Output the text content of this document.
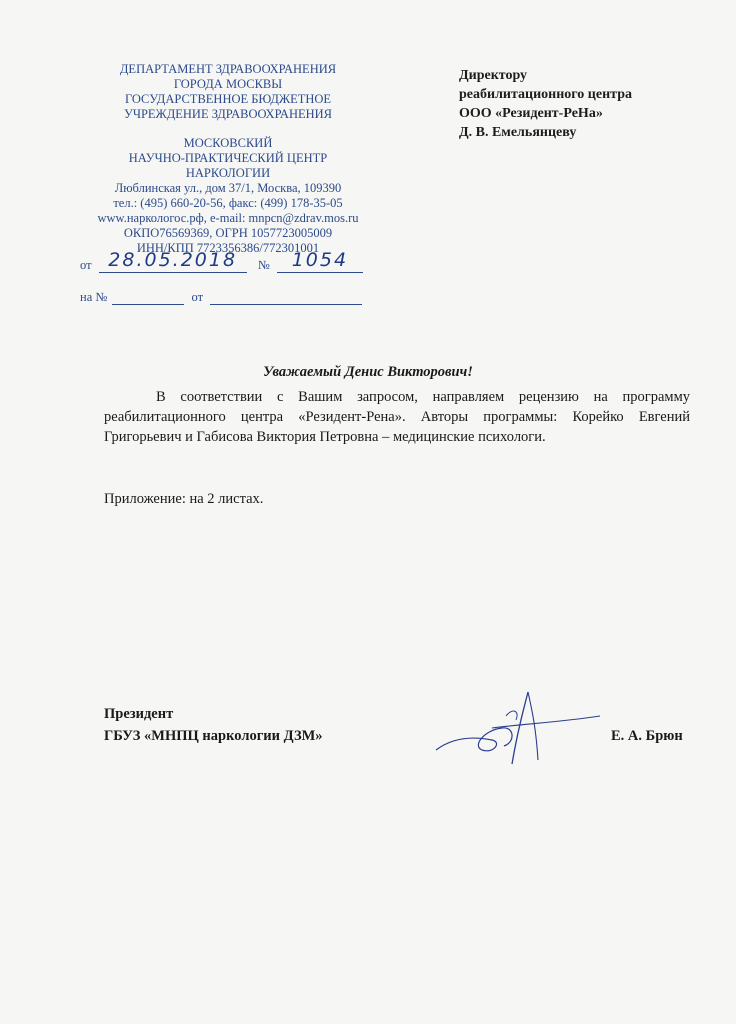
ДЕПАРТАМЕНТ ЗДРАВООХРАНЕНИЯ
ГОРОДА МОСКВЫ
ГОСУДАРСТВЕННОЕ БЮДЖЕТНОЕ
УЧРЕЖДЕНИЕ ЗДРАВООХРАНЕНИЯ
МОСКОВСКИЙ
НАУЧНО-ПРАКТИЧЕСКИЙ ЦЕНТР
НАРКОЛОГИИ
Люблинская ул., дом 37/1, Москва, 109390
тел.: (495) 660-20-56, факс: (499) 178-35-05
www.наркологос.рф, e-mail: mnpcn@zdrav.mos.ru
ОКПО76569369, ОГРН 1057723005009
ИНН/КПП 7723356386/772301001
от 28.05.2018	№	1054
на №	от
Директору
реабилитационного центра
ООО «Резидент-РеНа»
Д. В. Емельянцеву
Уважаемый Денис Викторович!
В соответствии с Вашим запросом, направляем рецензию на программу реабилитационного центра «Резидент-Рена». Авторы программы: Корейко Евгений Григорьевич и Габисова Виктория Петровна – медицинские психологи.
Приложение: на 2 листах.
Президент
ГБУЗ «МНПЦ наркологии ДЗМ»	Е. А. Брюн
